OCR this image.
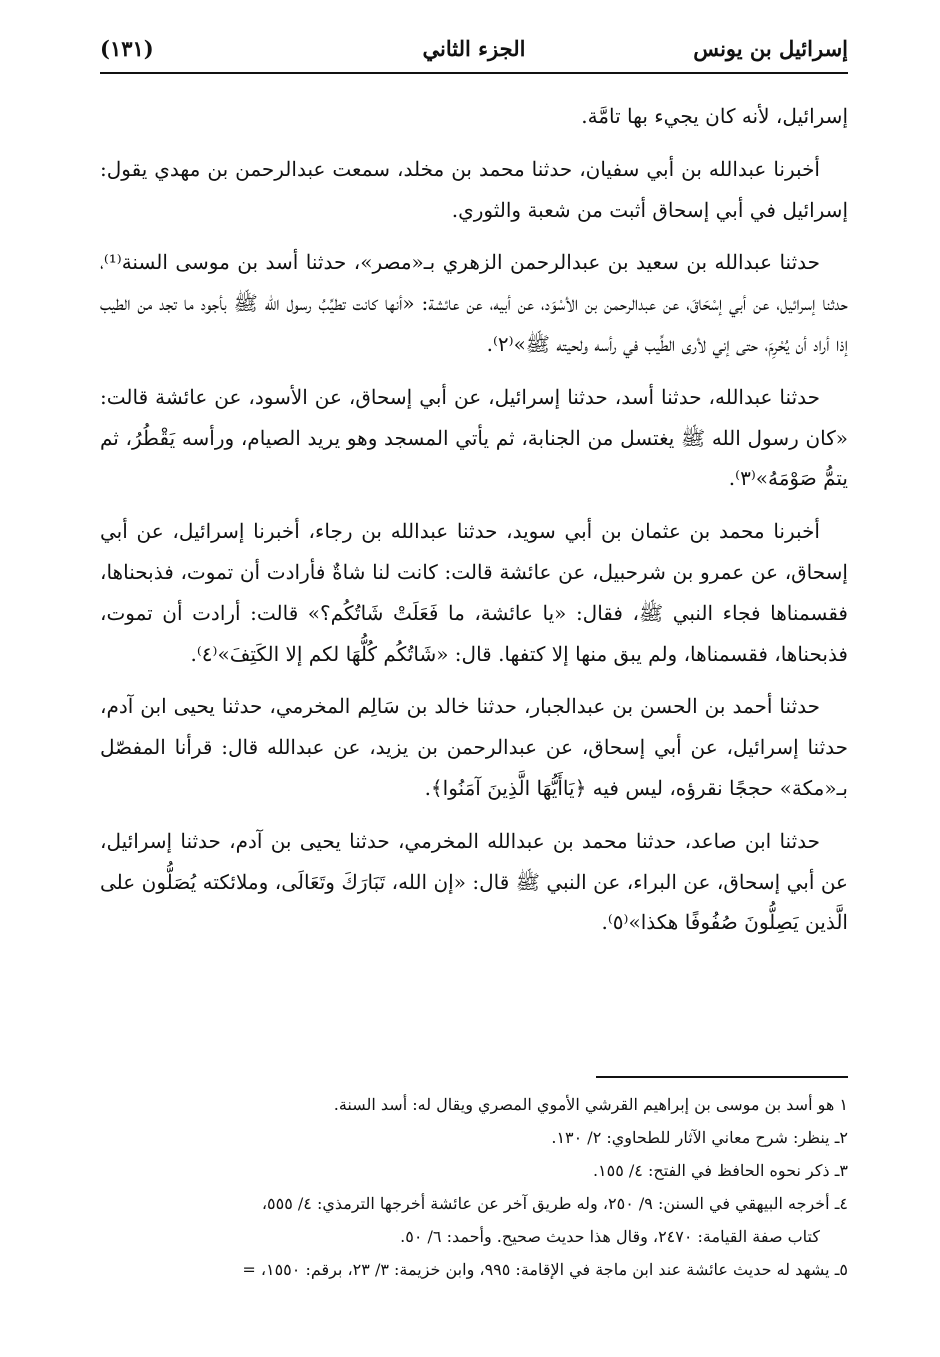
إسرائيل بن يونس
الجزء الثاني
(١٣١)

إسرائيل، لأنه كان يجيء بها تامَّة.

أخبرنا عبدالله بن أبي سفيان، حدثنا محمد بن مخلد، سمعت عبدالرحمن بن مهدي يقول: إسرائيل في أبي إسحاق أثبت من شعبة والثوري.

حدثنا عبدالله بن سعيد بن عبدالرحمن الزهري بـ«مصر»، حدثنا أسد بن موسى السنة⁽¹⁾، حدثنا إسرائيل، عن أبي إسْحَاقَ، عن عبدالرحمن بن الأسْوَد، عن أبيه، عن عائشة: «أنها كانت تطيِّبُ رسول الله ﷺ بأجود ما تجد من الطيب إذا أراد أن يُحْرِمَ، حتى إني لأرى الطِّيب في رأسه ولحيته ﷺ»⁽٢⁾.

حدثنا عبدالله، حدثنا أسد، حدثنا إسرائيل، عن أبي إسحاق، عن الأسود، عن عائشة قالت: «كان رسول الله ﷺ يغتسل من الجنابة، ثم يأتي المسجد وهو يريد الصيام، ورأسه يَقْطُرُ، ثم يتمُّ صَوْمَهُ»⁽٣⁾.

أخبرنا محمد بن عثمان بن أبي سويد، حدثنا عبدالله بن رجاء، أخبرنا إسرائيل، عن أبي إسحاق، عن عمرو بن شرحبيل، عن عائشة قالت: كانت لنا شاةٌ فأرادت أن تموت، فذبحناها، فقسمناها فجاء النبي ﷺ، فقال: «يا عائشة، ما فَعَلَتْ شَاتُكُم؟» قالت: أرادت أن تموت، فذبحناها، فقسمناها، ولم يبق منها إلا كتفها. قال: «شَاتُكُم كُلُّهَا لكم إلا الكَتِفَ»⁽٤⁾.

حدثنا أحمد بن الحسن بن عبدالجبار، حدثنا خالد بن سَالِم المخرمي، حدثنا يحيى ابن آدم، حدثنا إسرائيل، عن أبي إسحاق، عن عبدالرحمن بن يزيد، عن عبدالله قال: قرأنا المفصّل بـ«مكة» حججًا نقرؤه، ليس فيه ﴿يَاأَيُّهَا الَّذِينَ آمَنُوا﴾.

حدثنا ابن صاعد، حدثنا محمد بن عبدالله المخرمي، حدثنا يحيى بن آدم، حدثنا إسرائيل، عن أبي إسحاق، عن البراء، عن النبي ﷺ قال: «إن الله، تَبَارَكَ وتَعَالَى، وملائكته يُصَلُّون على الَّذين يَصِلُّونَ صُفُوفًا هكذا»⁽٥⁾.

١ هو أسد بن موسى بن إبراهيم القرشي الأموي المصري ويقال له: أسد السنة.

٢ـ ينظر: شرح معاني الآثار للطحاوي: ٢/ ١٣٠.

٣ـ ذكر نحوه الحافظ في الفتح: ٤/ ١٥٥.

٤ـ أخرجه البيهقي في السنن: ٩/ ٢٥٠، وله طريق آخر عن عائشة أخرجها الترمذي: ٤/ ٥٥٥،

كتاب صفة القيامة: ٢٤٧٠، وقال هذا حديث صحيح. وأحمد: ٦/ ٥٠.

٥ـ يشهد له حديث عائشة عند ابن ماجة في الإقامة: ٩٩٥، وابن خزيمة: ٣/ ٢٣، برقم: ١٥٥٠، =
